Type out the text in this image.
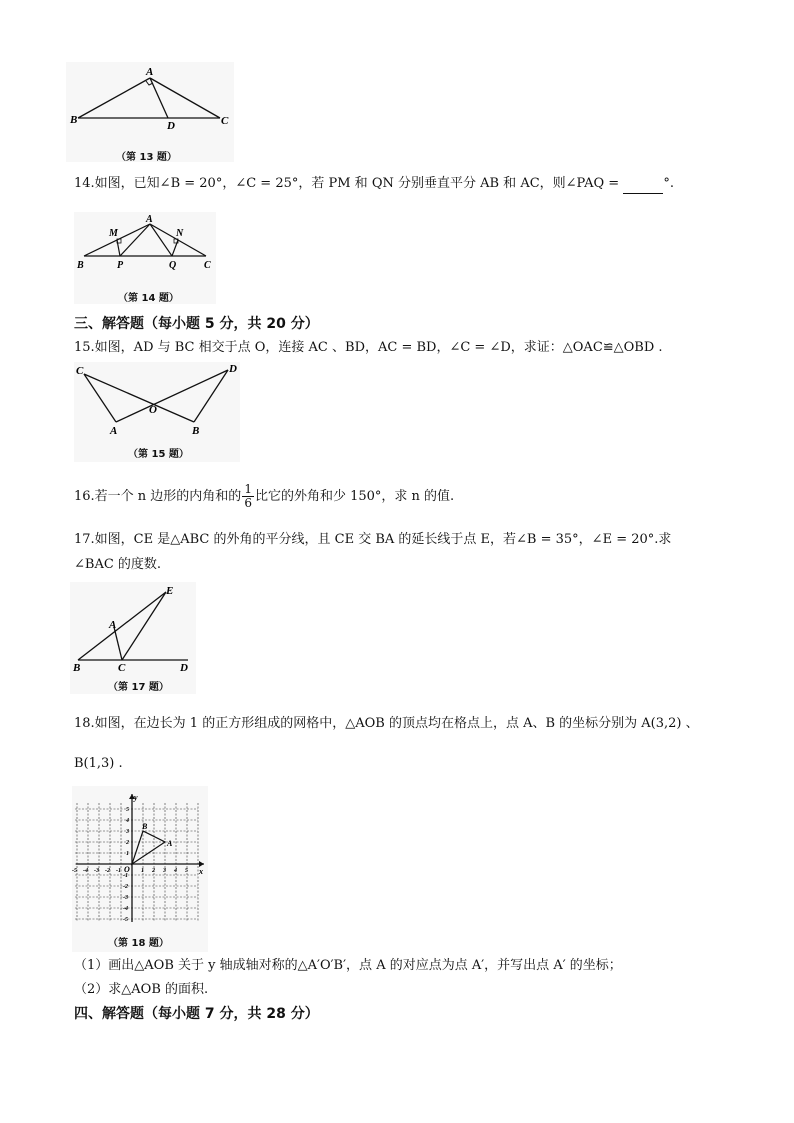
A
B	D	C
（第 13 题）
14.如图，已知∠B = 20°，∠C = 25°，若 PM 和 QN 分别垂直平分 AB 和 AC，则∠PAQ =	°.
A
M	N
B	P	Q	C
（第 14 题）
三、解答题（每小题 5 分，共 20 分）
15.如图，AD 与 BC 相交于点 O，连接 AC 、BD，AC = BD，∠C = ∠D，求证：△OAC≌△OBD .
C	D
O
A	B
（第 15 题）
16.若一个 n 边形的内角和的 $\frac{1}{6}$ 比它的外角和少 150°，求 n 的值.
17.如图，CE 是△ABC 的外角的平分线，且 CE 交 BA 的延长线于点 E，若∠B = 35°，∠E = 20°.求
∠BAC 的度数.
E
A
B	C	D
（第 17 题）
18.如图，在边长为 1 的正方形组成的网格中，△AOB 的顶点均在格点上，点 A、B 的坐标分别为 A(3,2) 、
B(1,3) .
-5 -4 -3 -2 -1	1 2 3 4 5
5
4
3
2
1
-1
-2
-3
-4
-5
x
y
O
A
B
（第 18 题）
（1）画出△AOB 关于 y 轴成轴对称的△A′O′B′，点 A 的对应点为点 A′，并写出点 A′ 的坐标；
（2）求△AOB 的面积.
四、解答题（每小题 7 分，共 28 分）
